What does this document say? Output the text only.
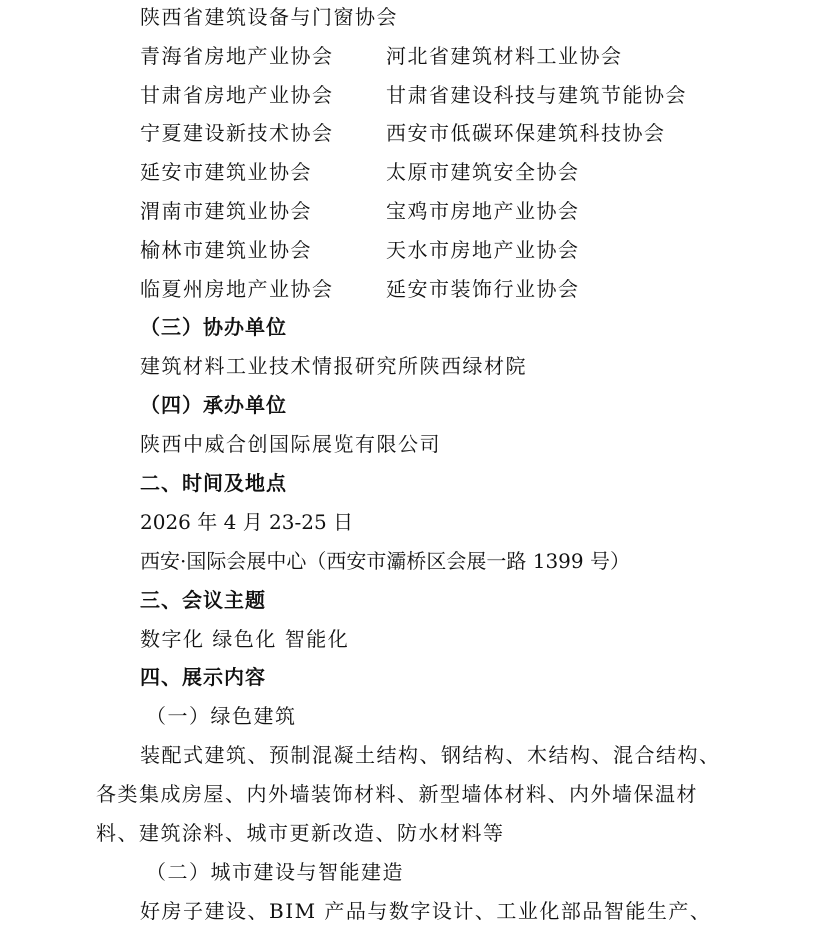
陕西省建筑设备与门窗协会
青海省房地产业协会	河北省建筑材料工业协会
甘肃省房地产业协会	甘肃省建设科技与建筑节能协会
宁夏建设新技术协会	西安市低碳环保建筑科技协会
延安市建筑业协会	太原市建筑安全协会
渭南市建筑业协会	宝鸡市房地产业协会
榆林市建筑业协会	天水市房地产业协会
临夏州房地产业协会	延安市装饰行业协会
（三）协办单位
建筑材料工业技术情报研究所陕西绿材院
（四）承办单位
陕西中威合创国际展览有限公司
二、时间及地点
2026 年 4 月 23-25 日
西安·国际会展中心（西安市灞桥区会展一路 1399 号）
三、会议主题
数字化 绿色化 智能化
四、展示内容
（一）绿色建筑
装配式建筑、预制混凝土结构、钢结构、木结构、混合结构、
各类集成房屋、内外墙装饰材料、新型墙体材料、内外墙保温材
料、建筑涂料、城市更新改造、防水材料等
（二）城市建设与智能建造
好房子建设、BIM 产品与数字设计、工业化部品智能生产、
